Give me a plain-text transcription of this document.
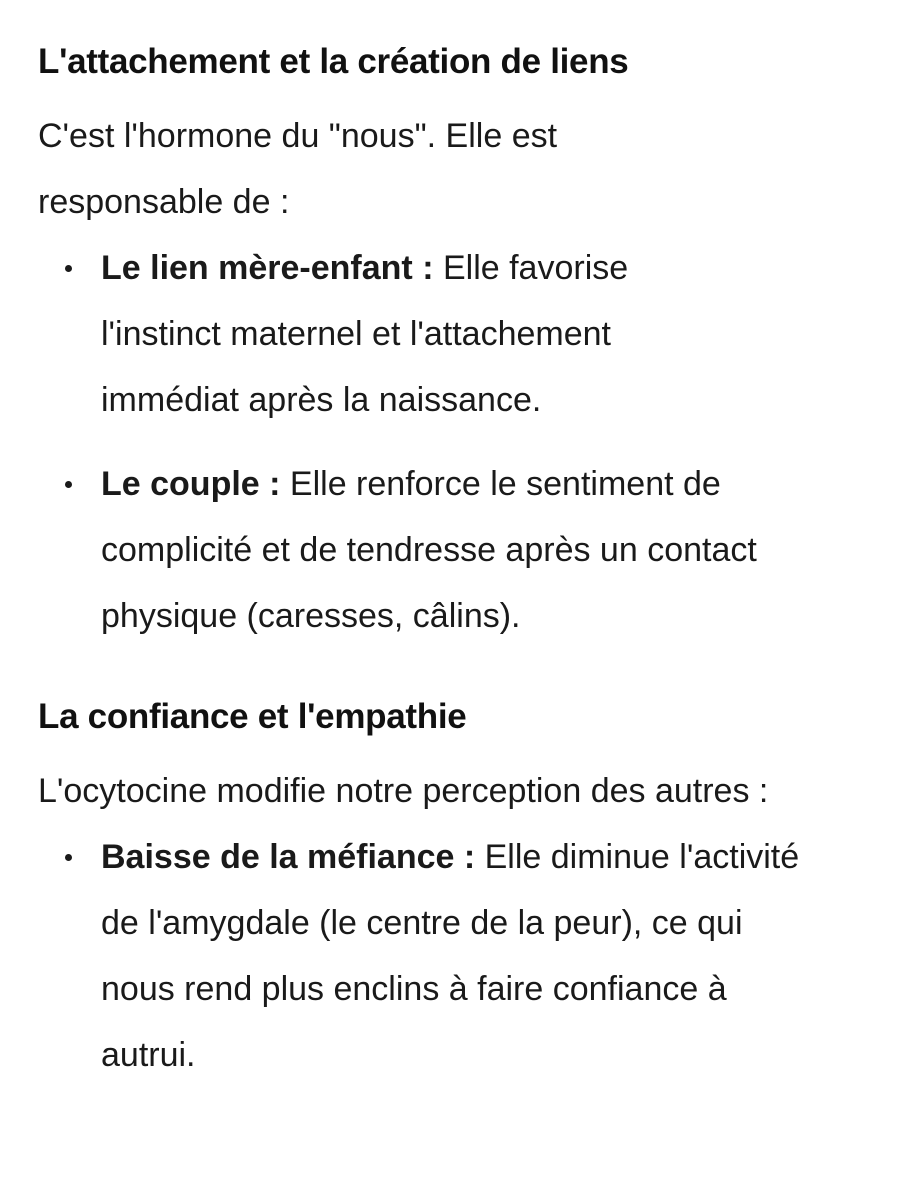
L'attachement et la création de liens

C'est l'hormone du "nous". Elle est responsable de :

Le lien mère-enfant : Elle favorise l'instinct maternel et l'attachement immédiat après la naissance.
Le couple : Elle renforce le sentiment de complicité et de tendresse après un contact physique (caresses, câlins).
La confiance et l'empathie

L'ocytocine modifie notre perception des autres :

Baisse de la méfiance : Elle diminue l'activité de l'amygdale (le centre de la peur), ce qui nous rend plus enclins à faire confiance à autrui.
